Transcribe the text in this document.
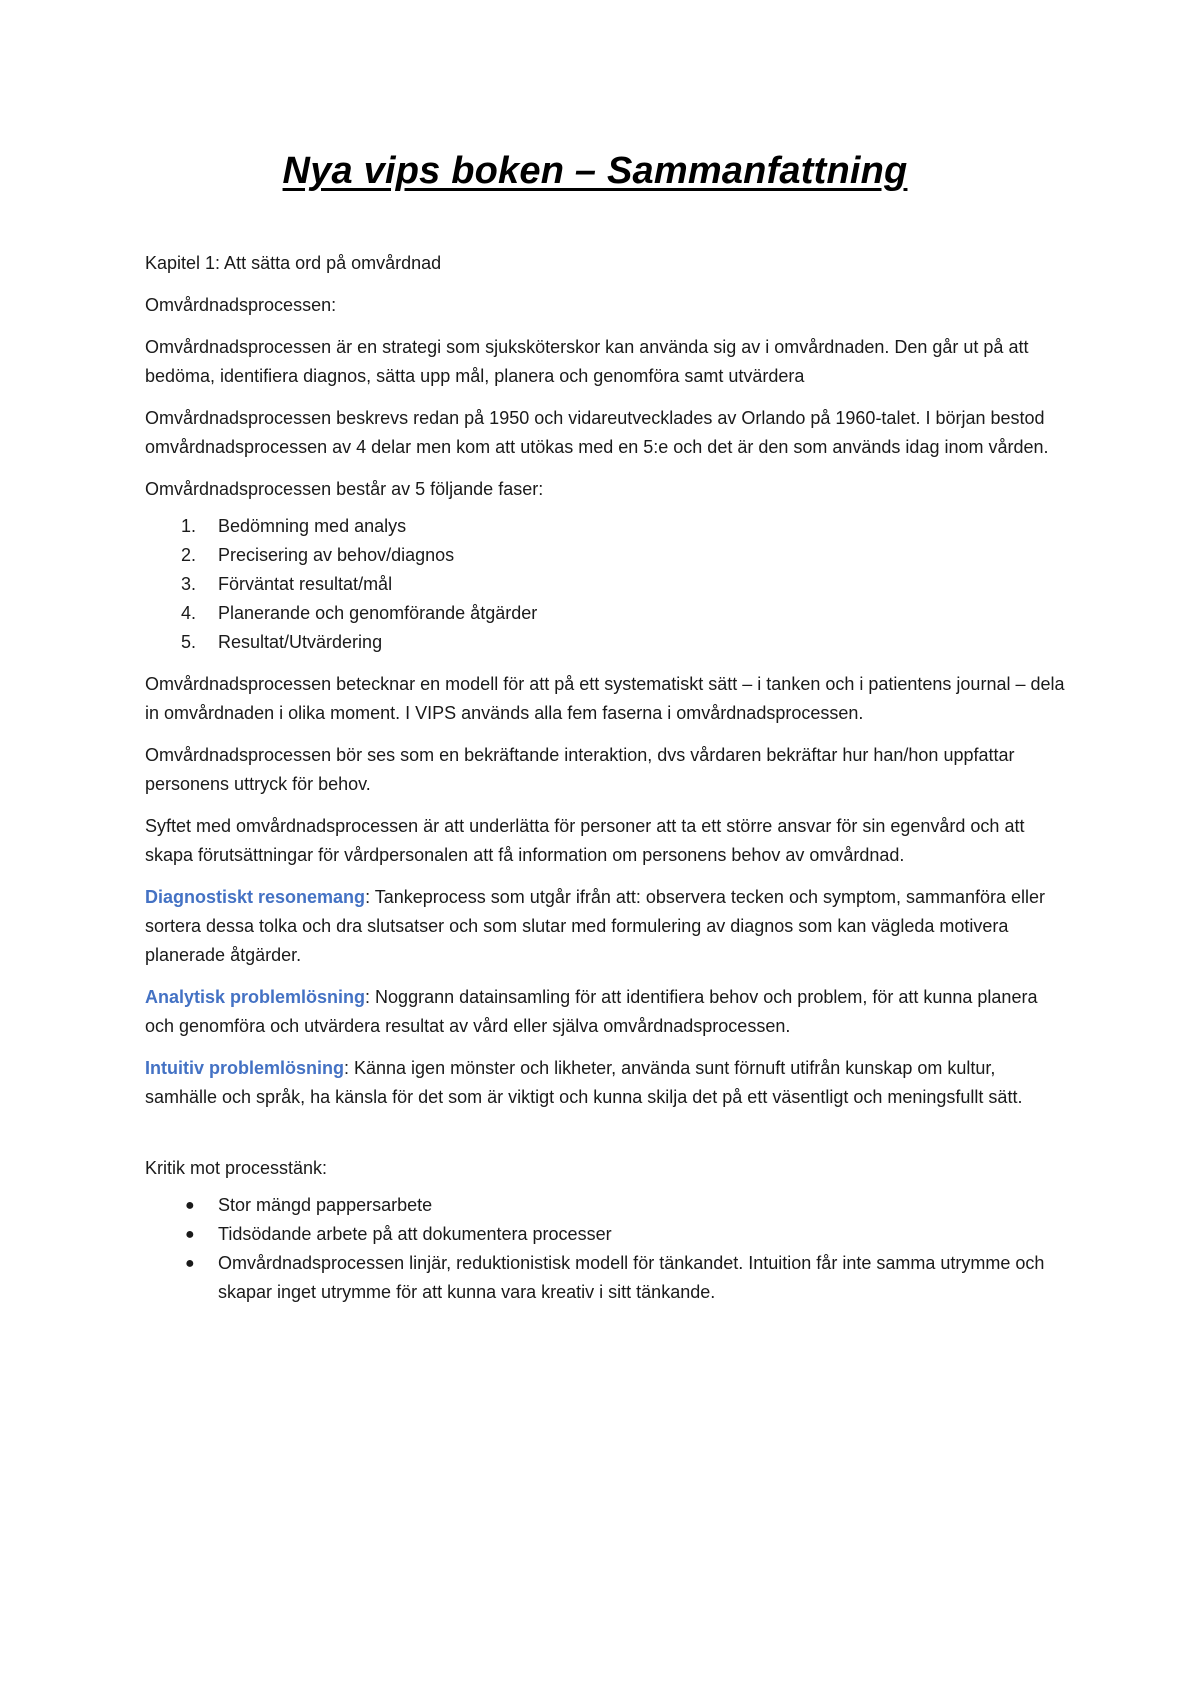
Nya vips boken – Sammanfattning

Kapitel 1: Att sätta ord på omvårdnad

Omvårdnadsprocessen:

Omvårdnadsprocessen är en strategi som sjuksköterskor kan använda sig av i omvårdnaden. Den går ut på att bedöma, identifiera diagnos, sätta upp mål, planera och genomföra samt utvärdera

Omvårdnadsprocessen beskrevs redan på 1950 och vidareutvecklades av Orlando på 1960-talet. I början bestod omvårdnadsprocessen av 4 delar men kom att utökas med en 5:e och det är den som används idag inom vården.

Omvårdnadsprocessen består av 5 följande faser:

1. Bedömning med analys
2. Precisering av behov/diagnos
3. Förväntat resultat/mål
4. Planerande och genomförande åtgärder
5. Resultat/Utvärdering

Omvårdnadsprocessen betecknar en modell för att på ett systematiskt sätt – i tanken och i patientens journal – dela in omvårdnaden i olika moment. I VIPS används alla fem faserna i omvårdnadsprocessen.

Omvårdnadsprocessen bör ses som en bekräftande interaktion, dvs vårdaren bekräftar hur han/hon uppfattar personens uttryck för behov.

Syftet med omvårdnadsprocessen är att underlätta för personer att ta ett större ansvar för sin egenvård och att skapa förutsättningar för vårdpersonalen att få information om personens behov av omvårdnad.

Diagnostiskt resonemang: Tankeprocess som utgår ifrån att: observera tecken och symptom, sammanföra eller sortera dessa tolka och dra slutsatser och som slutar med formulering av diagnos som kan vägleda motivera planerade åtgärder.

Analytisk problemlösning: Noggrann datainsamling för att identifiera behov och problem, för att kunna planera och genomföra och utvärdera resultat av vård eller själva omvårdnadsprocessen.

Intuitiv problemlösning: Känna igen mönster och likheter, använda sunt förnuft utifrån kunskap om kultur, samhälle och språk, ha känsla för det som är viktigt och kunna skilja det på ett väsentligt och meningsfullt sätt.

Kritik mot processtänk:

● Stor mängd pappersarbete
● Tidsödande arbete på att dokumentera processer
● Omvårdnadsprocessen linjär, reduktionistisk modell för tänkandet. Intuition får inte samma utrymme och skapar inget utrymme för att kunna vara kreativ i sitt tänkande.
